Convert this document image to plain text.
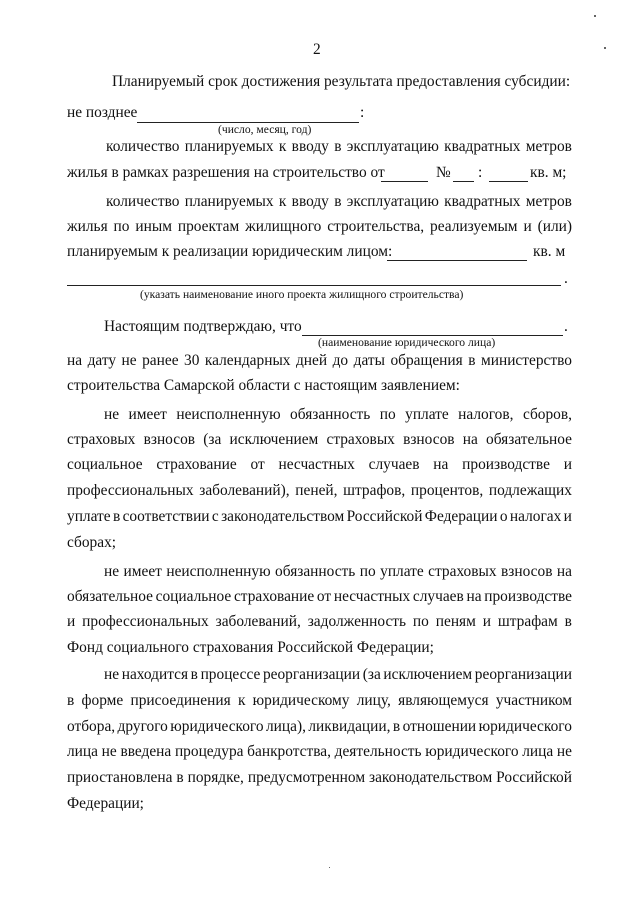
2
Планируемый срок достижения результата предоставления субсидии:
не позднее	:
(число, месяц, год)
количество планируемых к вводу в эксплуатацию квадратных метров
жилья в рамках разрешения на строительство от	№ :	кв. м;
количество планируемых к вводу в эксплуатацию квадратных метров
жилья по иным проектам жилищного строительства, реализуемым и (или)
планируемым к реализации юридическим лицом:	кв. м
.
(указать наименование иного проекта жилищного строительства)
Настоящим подтверждаю, что	.
(наименование юридического лица)
на дату не ранее 30 календарных дней до даты обращения в министерство
строительства Самарской области с настоящим заявлением:
не имеет неисполненную обязанность по уплате налогов, сборов,
страховых взносов (за исключением страховых взносов на обязательное
социальное страхование от несчастных случаев на производстве и
профессиональных заболеваний), пеней, штрафов, процентов, подлежащих
уплате в соответствии с законодательством Российской Федерации о налогах и
сборах;
не имеет неисполненную обязанность по уплате страховых взносов на
обязательное социальное страхование от несчастных случаев на производстве
и профессиональных заболеваний, задолженность по пеням и штрафам в
Фонд социального страхования Российской Федерации;
не находится в процессе реорганизации (за исключением реорганизации
в форме присоединения к юридическому лицу, являющемуся участником
отбора, другого юридического лица), ликвидации, в отношении юридического
лица не введена процедура банкротства, деятельность юридического лица не
приостановлена в порядке, предусмотренном законодательством Российской
Федерации;
